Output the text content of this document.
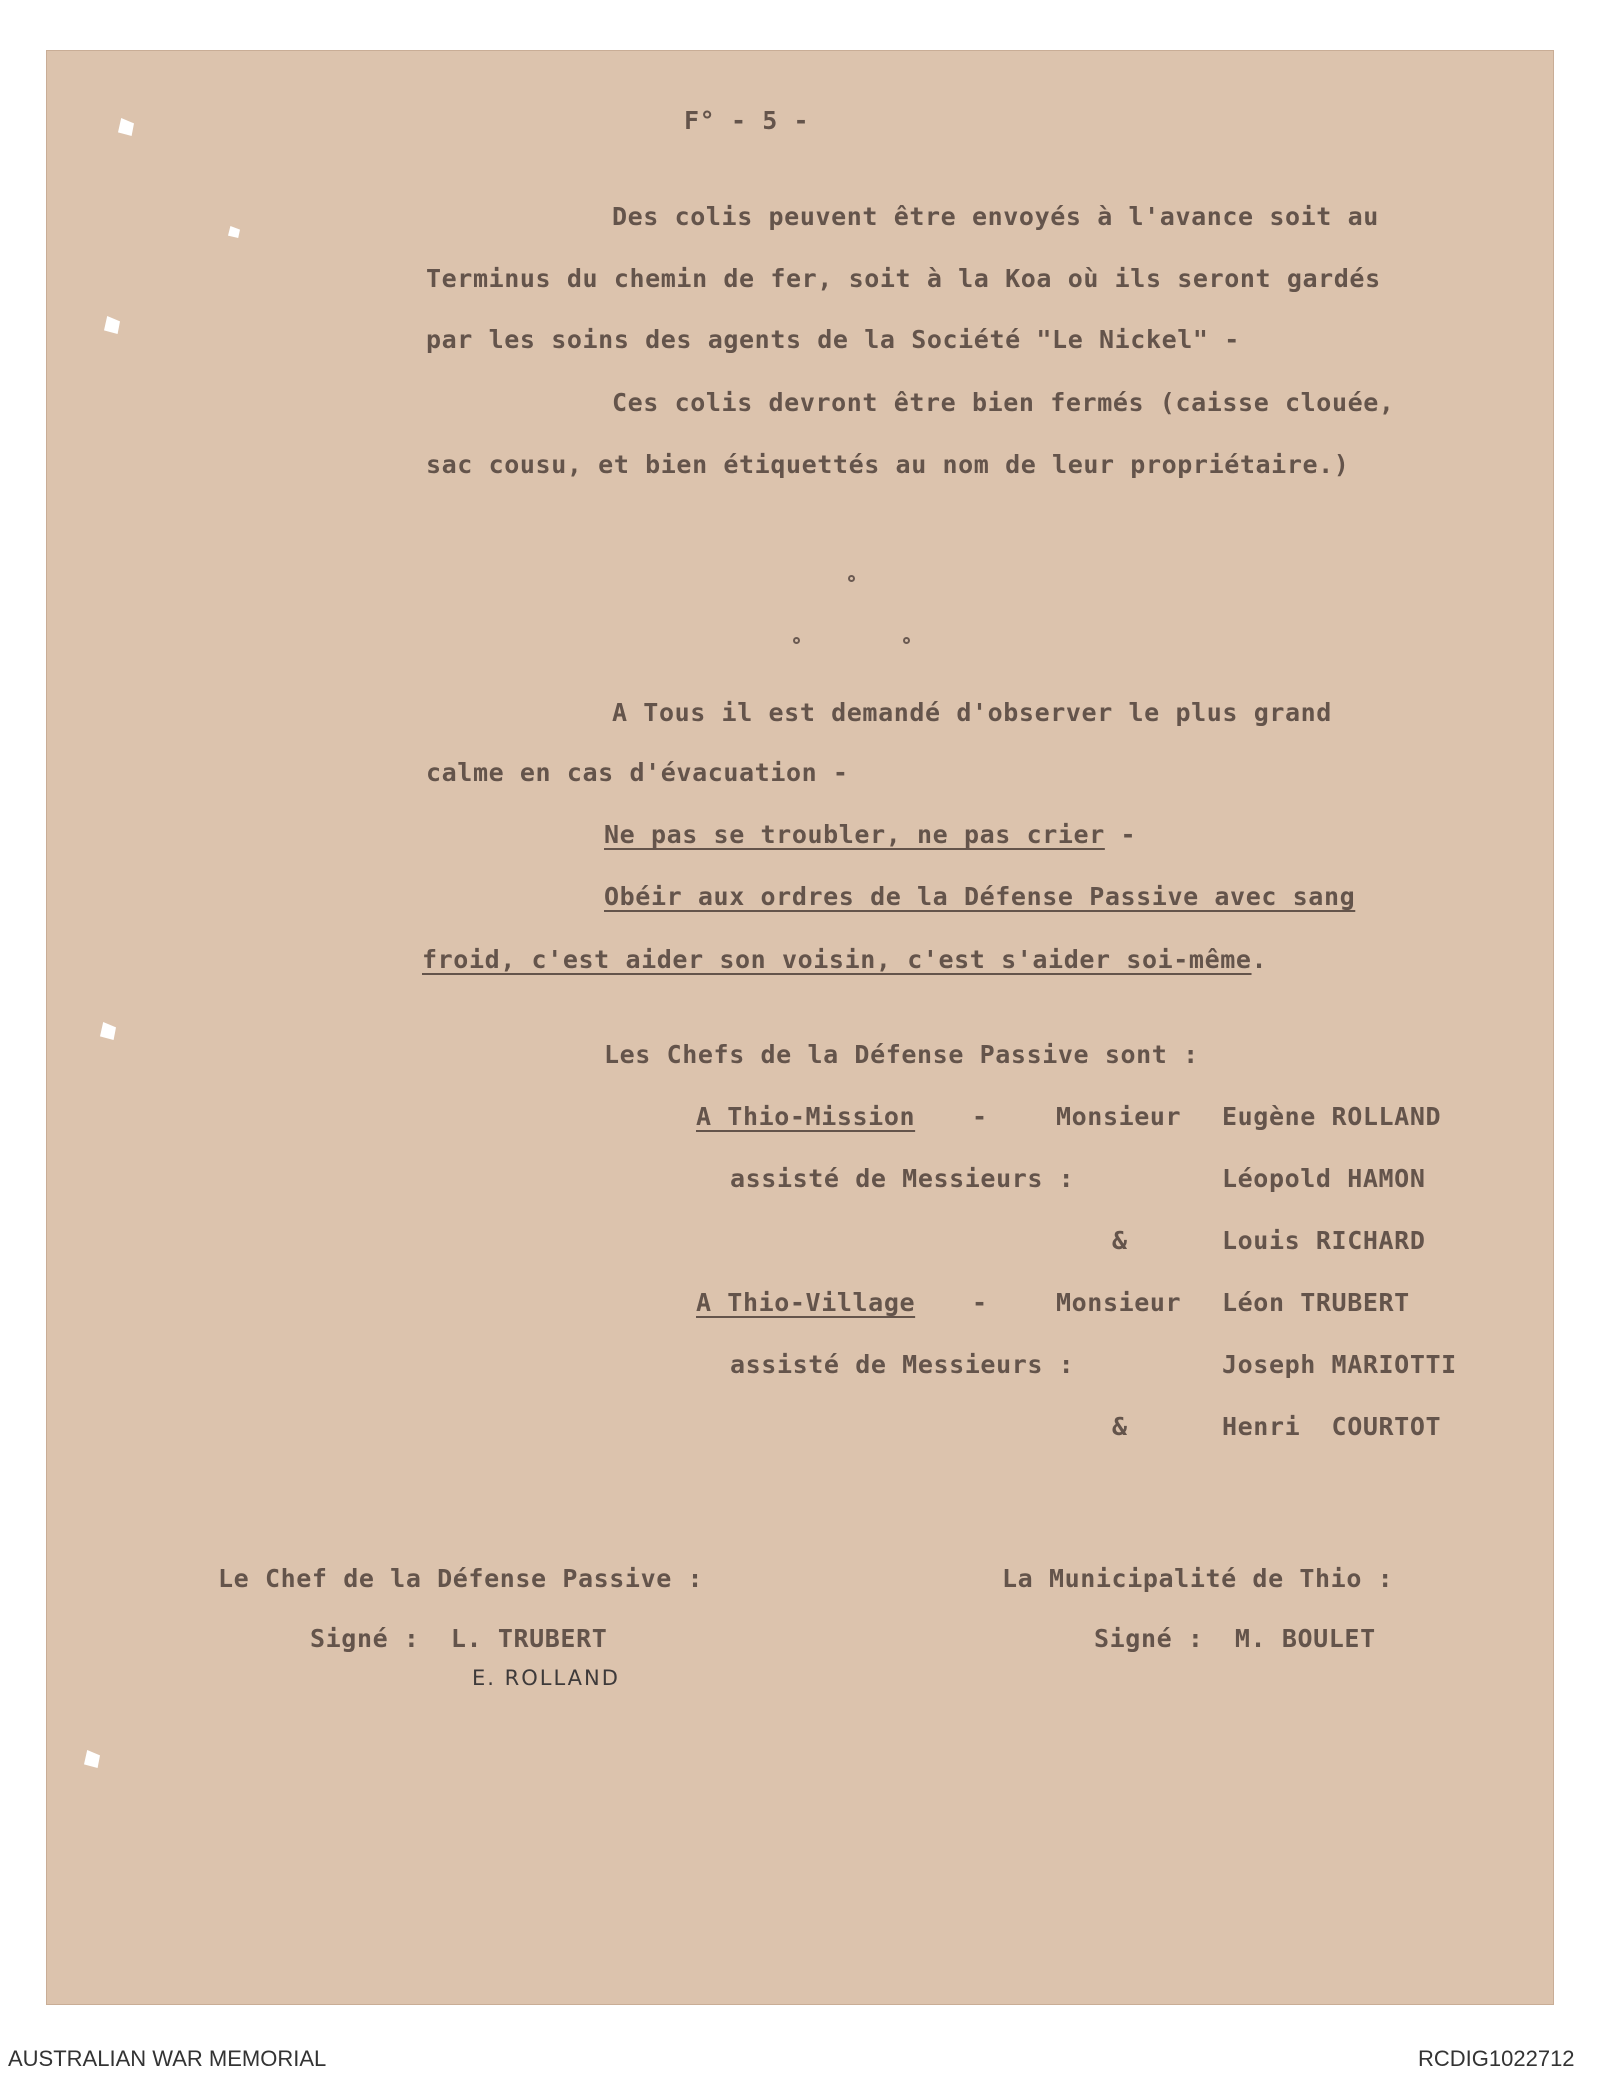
F° - 5 -
Des colis peuvent être envoyés à l'avance soit au
Terminus du chemin de fer, soit à la Koa où ils seront gardés
par les soins des agents de la Société "Le Nickel" -
Ces colis devront être bien fermés (caisse clouée,
sac cousu, et bien étiquettés au nom de leur propriétaire.)
A Tous il est demandé d'observer le plus grand
calme en cas d'évacuation -
Ne pas se troubler, ne pas crier -
Obéir aux ordres de la Défense Passive avec sang
froid, c'est aider son voisin, c'est s'aider soi-même.
Les Chefs de la Défense Passive sont :
A Thio-Mission -	Monsieur Eugène ROLLAND
assisté de Messieurs :	Léopold HAMON
&	Louis RICHARD
A Thio-Village -	Monsieur Léon TRUBERT
assisté de Messieurs :	Joseph MARIOTTI
&	Henri  COURTOT
Le Chef de la Défense Passive :
Signé :  L. TRUBERT
E. ROLLAND
La Municipalité de Thio :
Signé :  M. BOULET
AUSTRALIAN WAR MEMORIAL	RCDIG1022712
